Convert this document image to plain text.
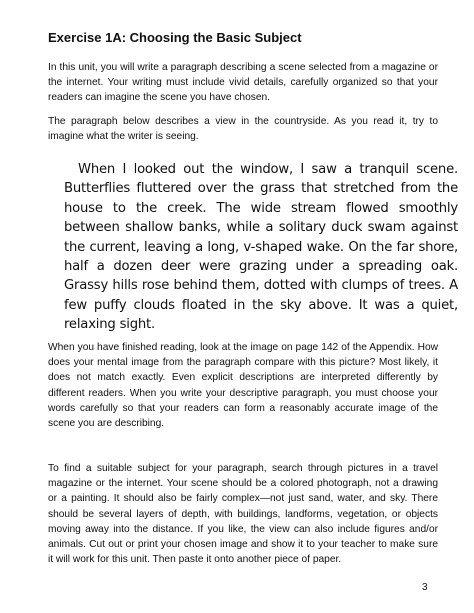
Exercise 1A: Choosing the Basic Subject

In this unit, you will write a paragraph describing a scene selected from a magazine or the internet. Your writing must include vivid details, carefully organized so that your readers can imagine the scene you have chosen.

The paragraph below describes a view in the countryside. As you read it, try to imagine what the writer is seeing.

When I looked out the window, I saw a tranquil scene. Butterflies fluttered over the grass that stretched from the house to the creek. The wide stream flowed smoothly between shallow banks, while a solitary duck swam against the current, leaving a long, v-shaped wake. On the far shore, half a dozen deer were grazing under a spreading oak. Grassy hills rose behind them, dotted with clumps of trees. A few puffy clouds floated in the sky above. It was a quiet, relaxing sight.

When you have finished reading, look at the image on page 142 of the Appendix. How does your mental image from the paragraph compare with this picture? Most likely, it does not match exactly. Even explicit descriptions are interpreted differently by different readers. When you write your descriptive paragraph, you must choose your words carefully so that your readers can form a reasonably accurate image of the scene you are describing.

To find a suitable subject for your paragraph, search through pictures in a travel magazine or the internet. Your scene should be a colored photograph, not a drawing or a painting. It should also be fairly complex—not just sand, water, and sky. There should be several layers of depth, with buildings, landforms, vegetation, or objects moving away into the distance. If you like, the view can also include figures and/or animals. Cut out or print your chosen image and show it to your teacher to make sure it will work for this unit. Then paste it onto another piece of paper.

3
